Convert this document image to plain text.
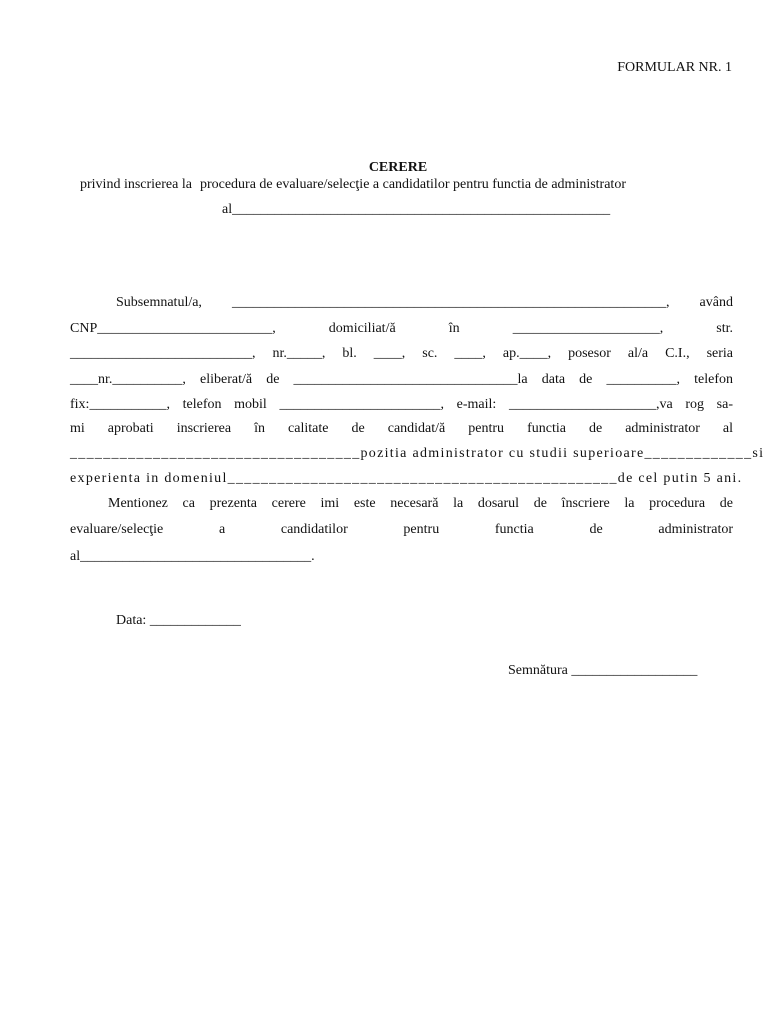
FORMULAR NR. 1
CERERE
privind inscrierea la procedura de evaluare/selecţie a candidatilor pentru functia de administrator
al______________________________________________________
Subsemnatul/a, ______________________________________________________________, având
CNP_________________________, domiciliat/ă în _____________________, str.
__________________________, nr._____, bl. ____, sc. ____, ap.____, posesor al/a C.I., seria
____nr.__________, eliberat/ă de ________________________________la data de __________, telefon
fix:___________, telefon mobil _______________________, e-mail: _____________________,va rog sa-
mi aprobati inscrierea în calitate de candidat/ă pentru functia de administrator al
___________________________________pozitia administrator cu studii superioare_____________si
experienta in domeniul_______________________________________________de cel putin 5 ani.
Mentionez ca prezenta cerere imi este necesară la dosarul de înscriere la procedura de
evaluare/selecţie a candidatilor pentru functia de administrator
al_________________________________.
Data: _____________
Semnătura __________________
